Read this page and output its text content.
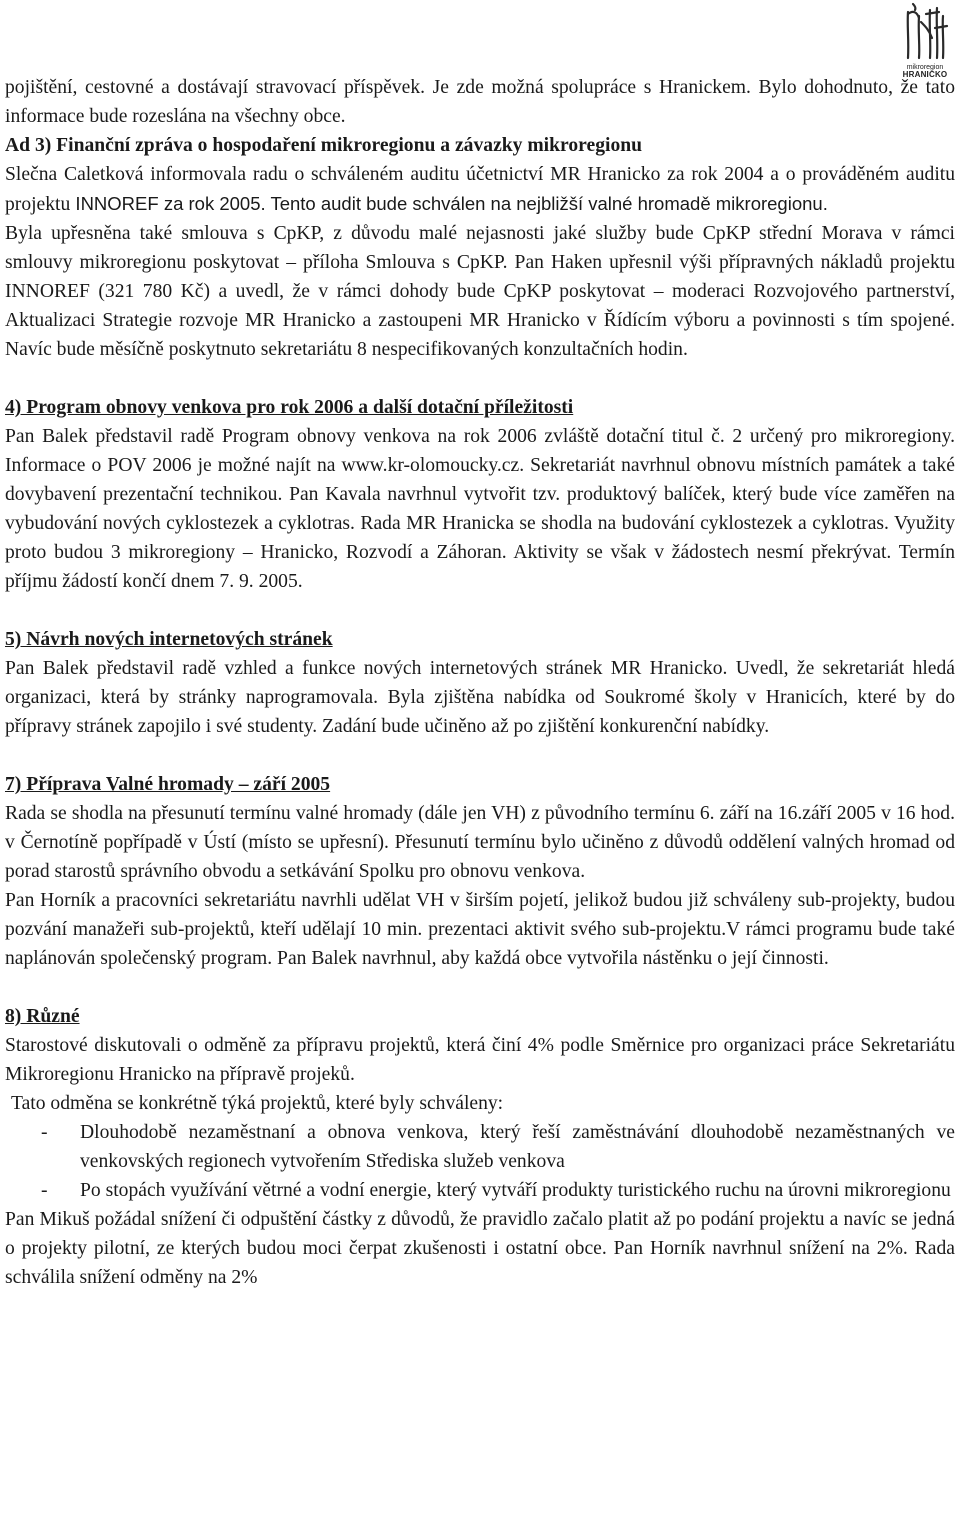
mikroregion
HRANICKO

pojištění, cestovné a dostávají stravovací příspěvek. Je zde možná spolupráce s Hranickem. Bylo dohodnuto, že tato informace bude rozeslána na všechny obce.

Ad 3) Finanční zpráva o hospodaření mikroregionu a závazky mikroregionu

Slečna Caletková informovala radu o schváleném auditu účetnictví MR Hranicko za rok 2004 a o prováděném auditu projektu INNOREF za rok 2005. Tento audit bude schválen na nejbližší valné hromadě mikroregionu.

Byla upřesněna také smlouva s CpKP, z důvodu malé nejasnosti jaké služby bude CpKP střední Morava v rámci smlouvy mikroregionu poskytovat – příloha Smlouva s CpKP. Pan Haken upřesnil výši přípravných nákladů projektu INNOREF (321 780 Kč) a uvedl, že v rámci dohody bude CpKP poskytovat – moderaci Rozvojového partnerství, Aktualizaci Strategie rozvoje MR Hranicko a zastoupeni MR Hranicko v Řídícím výboru a povinnosti s tím spojené. Navíc bude měsíčně poskytnuto sekretariátu 8 nespecifikovaných konzultačních hodin.

4) Program obnovy venkova pro rok 2006 a další dotační příležitosti

Pan Balek představil radě Program obnovy venkova na rok 2006 zvláště dotační titul č. 2 určený pro mikroregiony. Informace o POV 2006 je možné najít na www.kr-olomoucky.cz. Sekretariát navrhnul obnovu místních památek a také dovybavení prezentační technikou. Pan Kavala navrhnul vytvořit tzv. produktový balíček, který bude více zaměřen na vybudování nových cyklostezek a cyklotras. Rada MR Hranicka se shodla na budování cyklostezek a cyklotras. Využity proto budou 3 mikroregiony – Hranicko, Rozvodí a Záhoran. Aktivity se však v žádostech nesmí překrývat. Termín příjmu žádostí končí dnem 7. 9. 2005.

5) Návrh nových internetových stránek

Pan Balek představil radě vzhled a funkce nových internetových stránek MR Hranicko. Uvedl, že sekretariát hledá organizaci, která by stránky naprogramovala. Byla zjištěna nabídka od Soukromé školy v Hranicích, které by do přípravy stránek zapojilo i své studenty. Zadání bude učiněno až po zjištění konkurenční nabídky.

7) Příprava Valné hromady – září 2005

Rada se shodla na přesunutí termínu valné hromady (dále jen VH) z původního termínu 6. září na 16.září 2005 v 16 hod. v Černotíně popřípadě v Ústí (místo se upřesní). Přesunutí termínu bylo učiněno z důvodů oddělení valných hromad od porad starostů správního obvodu a setkávání Spolku pro obnovu venkova.

Pan Horník a pracovníci sekretariátu navrhli udělat VH v širším pojetí, jelikož budou již schváleny sub-projekty, budou pozvání manažeři sub-projektů, kteří udělají 10 min. prezentaci aktivit svého sub-projektu.V rámci programu bude také naplánován společenský program. Pan Balek navrhnul, aby každá obce vytvořila nástěnku o její činnosti.

8) Různé

Starostové diskutovali o odměně za přípravu projektů, která činí 4% podle Směrnice pro organizaci práce Sekretariátu Mikroregionu Hranicko na přípravě projeků.

Tato odměna se konkrétně týká projektů, které byly schváleny:

- Dlouhodobě nezaměstnaní a obnova venkova, který řeší zaměstnávání dlouhodobě nezaměstnaných ve venkovských regionech vytvořením Střediska služeb venkova
- Po stopách využívání větrné a vodní energie, který vytváří produkty turistického ruchu na úrovni mikroregionu

Pan Mikuš požádal snížení či odpuštění částky z důvodů, že pravidlo začalo platit až po podání projektu a navíc se jedná o projekty pilotní, ze kterých budou moci čerpat zkušenosti i ostatní obce. Pan Horník navrhnul snížení na 2%. Rada schválila snížení odměny na 2%
